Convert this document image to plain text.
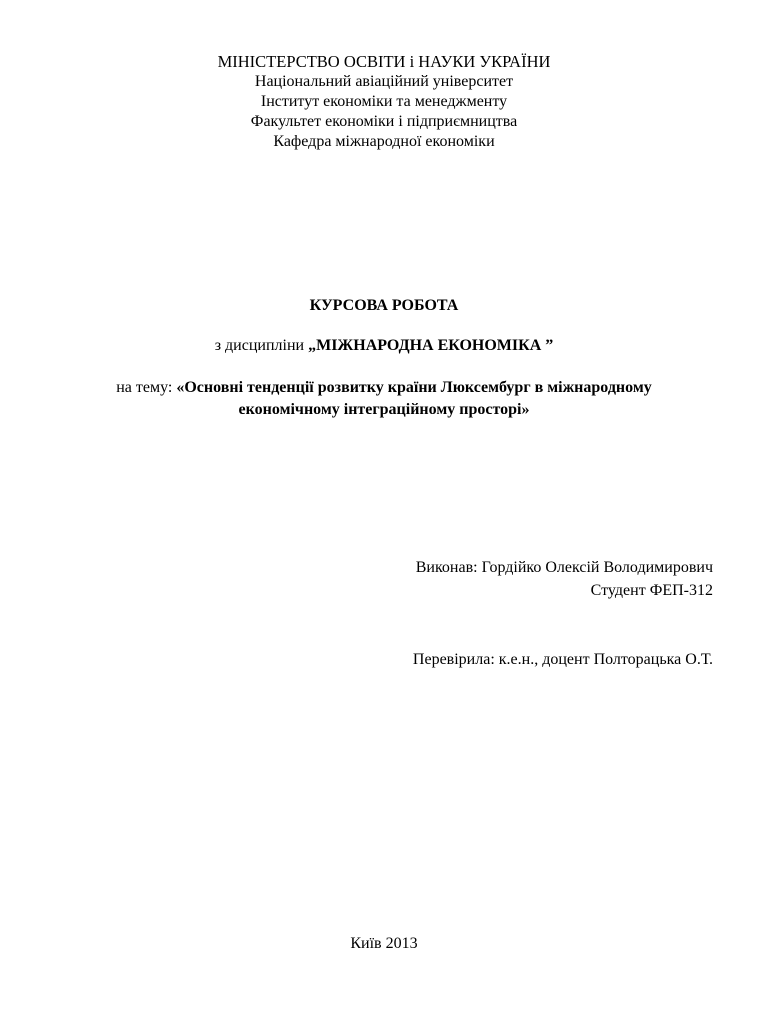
МІНІСТЕРСТВО ОСВІТИ і НАУКИ УКРАЇНИ
Національний авіаційний університет
Інститут економіки та менеджменту
Факультет економіки і підприємництва
Кафедра міжнародної економіки
КУРСОВА РОБОТА
з дисципліни „МІЖНАРОДНА ЕКОНОМІКА ”
на тему: «Основні тенденції розвитку країни Люксембург в міжнародному
економічному інтеграційному просторі»
Виконав: Гордійко Олексій Володимирович
Студент ФЕП-312
Перевірила: к.е.н., доцент Полторацька О.Т.
Київ 2013
